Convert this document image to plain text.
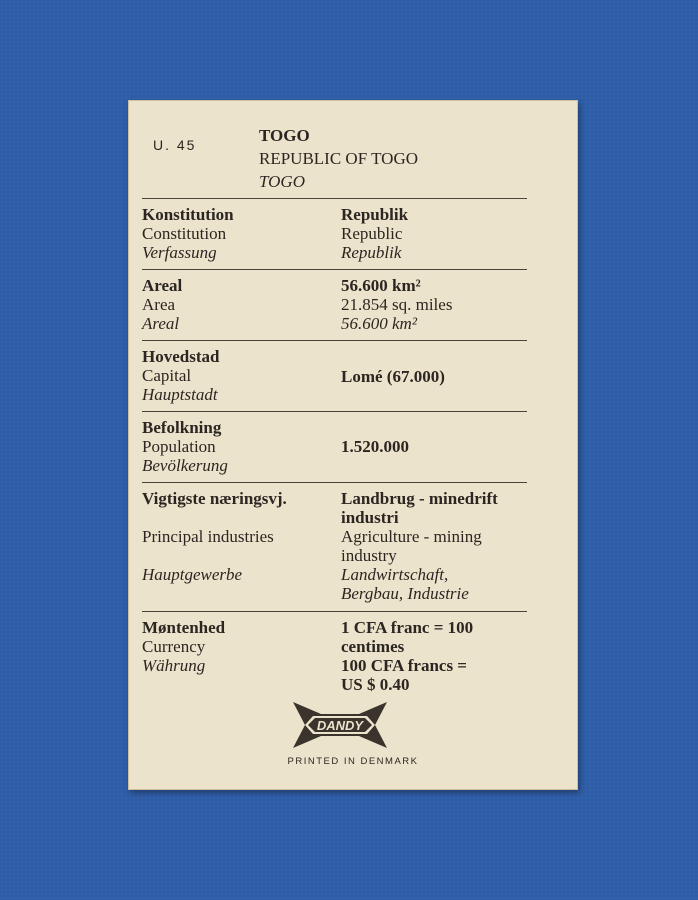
U. 45	TOGO
REPUBLIC OF TOGO
TOGO
Konstitution
Constitution
Verfassung
Republik
Republic
Republik
Areal
Area
Areal
56.600 km²
21.854 sq. miles
56.600 km²
Hovedstad
Capital
Hauptstadt
Lomé (67.000)
Befolkning
Population
Bevölkerung
1.520.000
Vigtigste næringsvj.
Principal industries
Hauptgewerbe
Landbrug - minedrift
industri
Agriculture - mining
industry
Landwirtschaft,
Bergbau, Industrie
Møntenhed
Currency
Währung
1 CFA franc = 100
centimes
100 CFA francs =
US $ 0.40
DANDY
PRINTED IN DENMARK
